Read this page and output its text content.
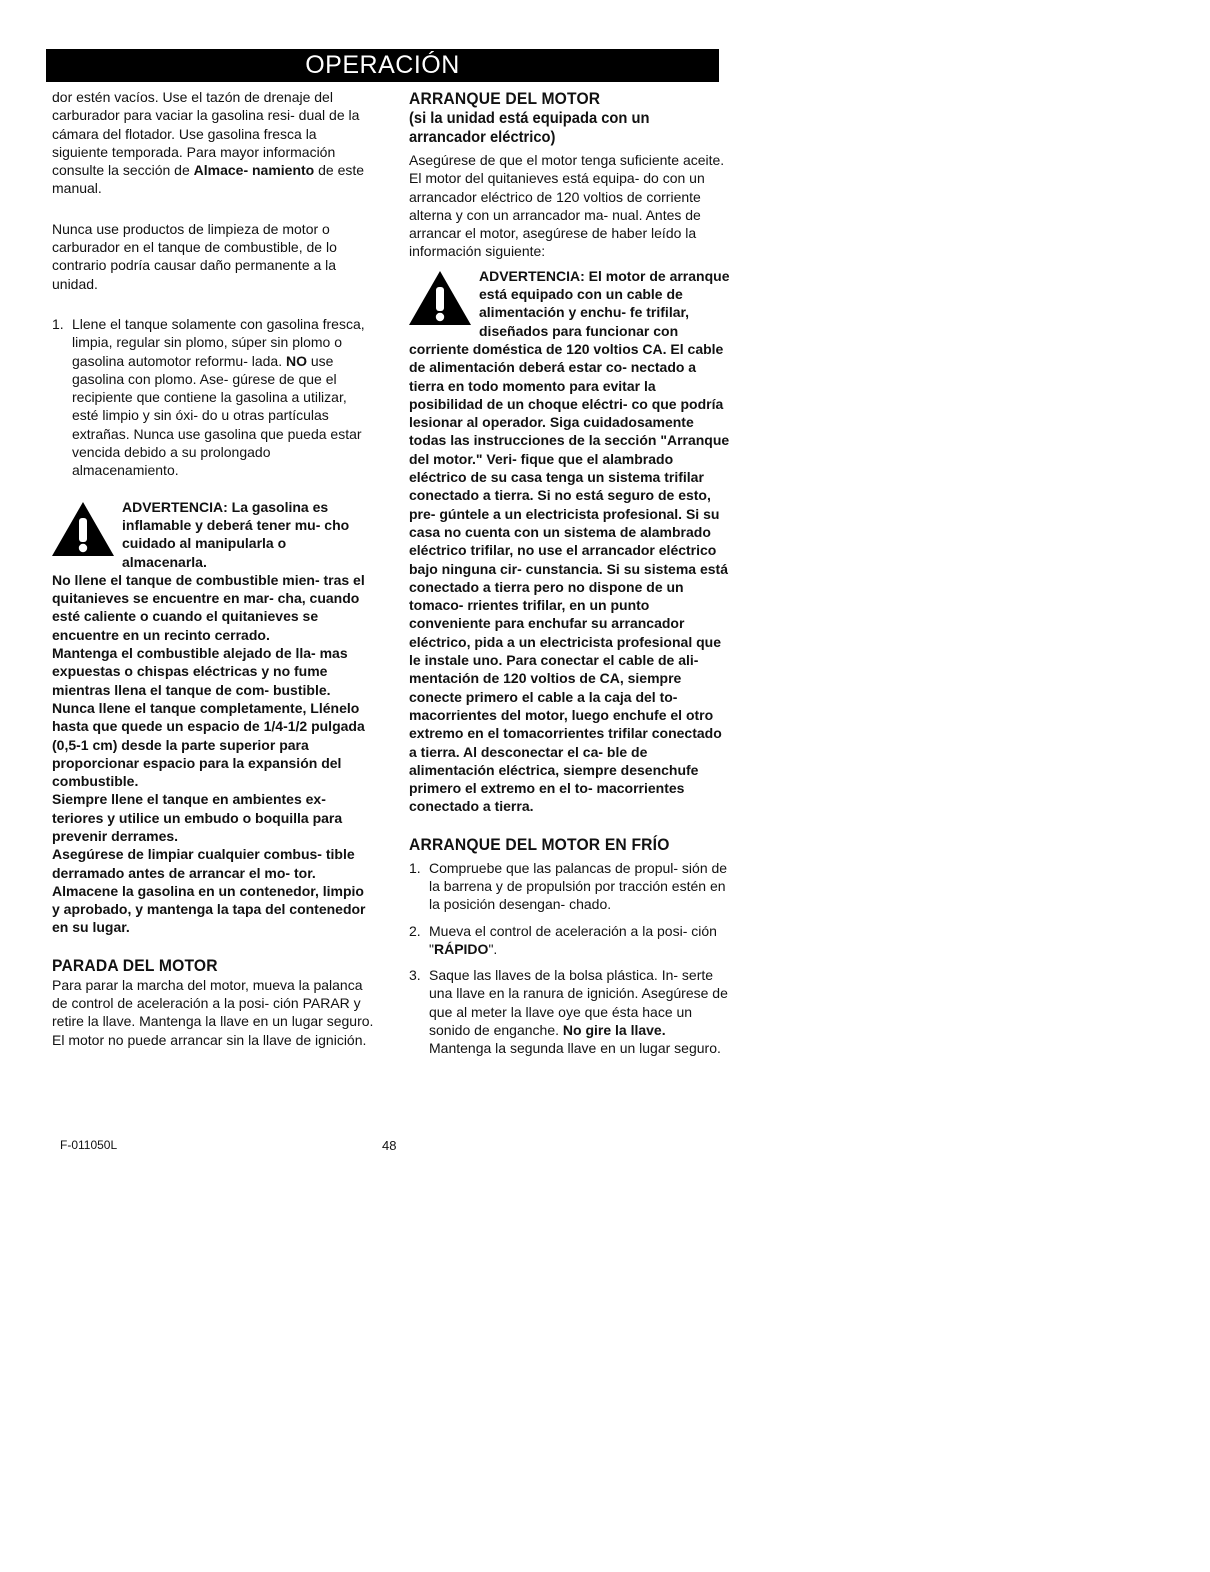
OPERACIÓN

dor estén vacíos. Use el tazón de drenaje del carburador para vaciar la gasolina resi- dual de la cámara del flotador. Use gasolina fresca la siguiente temporada. Para mayor información consulte la sección de Almace- namiento de este manual.

Nunca use productos de limpieza de motor o carburador en el tanque de combustible, de lo contrario podría causar daño permanente a la unidad.

1. Llene el tanque solamente con gasolina fresca, limpia, regular sin plomo, súper sin plomo o gasolina automotor reformu- lada. NO use gasolina con plomo. Ase- gúrese de que el recipiente que contiene la gasolina a utilizar, esté limpio y sin óxi- do u otras partículas extrañas. Nunca use gasolina que pueda estar vencida debido a su prolongado almacenamiento.

ADVERTENCIA: La gasolina es inflamable y deberá tener mu- cho cuidado al manipularla o almacenarla.

No llene el tanque de combustible mien- tras el quitanieves se encuentre en mar- cha, cuando esté caliente o cuando el quitanieves se encuentre en un recinto cerrado.

Mantenga el combustible alejado de lla- mas expuestas o chispas eléctricas y no fume mientras llena el tanque de com- bustible.

Nunca llene el tanque completamente, Llénelo hasta que quede un espacio de 1/4-1/2 pulgada (0,5-1 cm) desde la parte superior para proporcionar espacio para la expansión del combustible.

Siempre llene el tanque en ambientes ex- teriores y utilice un embudo o boquilla para prevenir derrames.

Asegúrese de limpiar cualquier combus- tible derramado antes de arrancar el mo- tor.

Almacene la gasolina en un contenedor, limpio y aprobado, y mantenga la tapa del contenedor en su lugar.

PARADA DEL MOTOR

Para parar la marcha del motor, mueva la palanca de control de aceleración a la posi- ción PARAR y retire la llave. Mantenga la llave en un lugar seguro. El motor no puede arrancar sin la llave de ignición.

ARRANQUE DEL MOTOR
(si la unidad está equipada con un arrancador eléctrico)

Asegúrese de que el motor tenga suficiente aceite. El motor del quitanieves está equipa- do con un arrancador eléctrico de 120 voltios de corriente alterna y con un arrancador ma- nual. Antes de arrancar el motor, asegúrese de haber leído la información siguiente:

ADVERTENCIA: El motor de arranque está equipado con un cable de alimentación y enchu- fe trifilar, diseñados para funcionar con corriente doméstica de 120 voltios CA. El cable de alimentación deberá estar co- nectado a tierra en todo momento para evitar la posibilidad de un choque eléctri- co que podría lesionar al operador. Siga cuidadosamente todas las instrucciones de la sección "Arranque del motor." Veri- fique que el alambrado eléctrico de su casa tenga un sistema trifilar conectado a tierra. Si no está seguro de esto, pre- gúntele a un electricista profesional. Si su casa no cuenta con un sistema de alambrado eléctrico trifilar, no use el arrancador eléctrico bajo ninguna cir- cunstancia. Si su sistema está conectado a tierra pero no dispone de un tomaco- rrientes trifilar, en un punto conveniente para enchufar su arrancador eléctrico, pida a un electricista profesional que le instale uno. Para conectar el cable de ali- mentación de 120 voltios de CA, siempre conecte primero el cable a la caja del to- macorrientes del motor, luego enchufe el otro extremo en el tomacorrientes trifilar conectado a tierra. Al desconectar el ca- ble de alimentación eléctrica, siempre desenchufe primero el extremo en el to- macorrientes conectado a tierra.

ARRANQUE DEL MOTOR EN FRÍO
1. Compruebe que las palancas de propul- sión de la barrena y de propulsión por tracción estén en la posición desengan- chado.
2. Mueva el control de aceleración a la posi- ción "RÁPIDO".
3. Saque las llaves de la bolsa plástica. In- serte una llave en la ranura de ignición. Asegúrese de que al meter la llave oye que ésta hace un sonido de enganche. No gire la llave. Mantenga la segunda llave en un lugar seguro.
F-011050L	48
